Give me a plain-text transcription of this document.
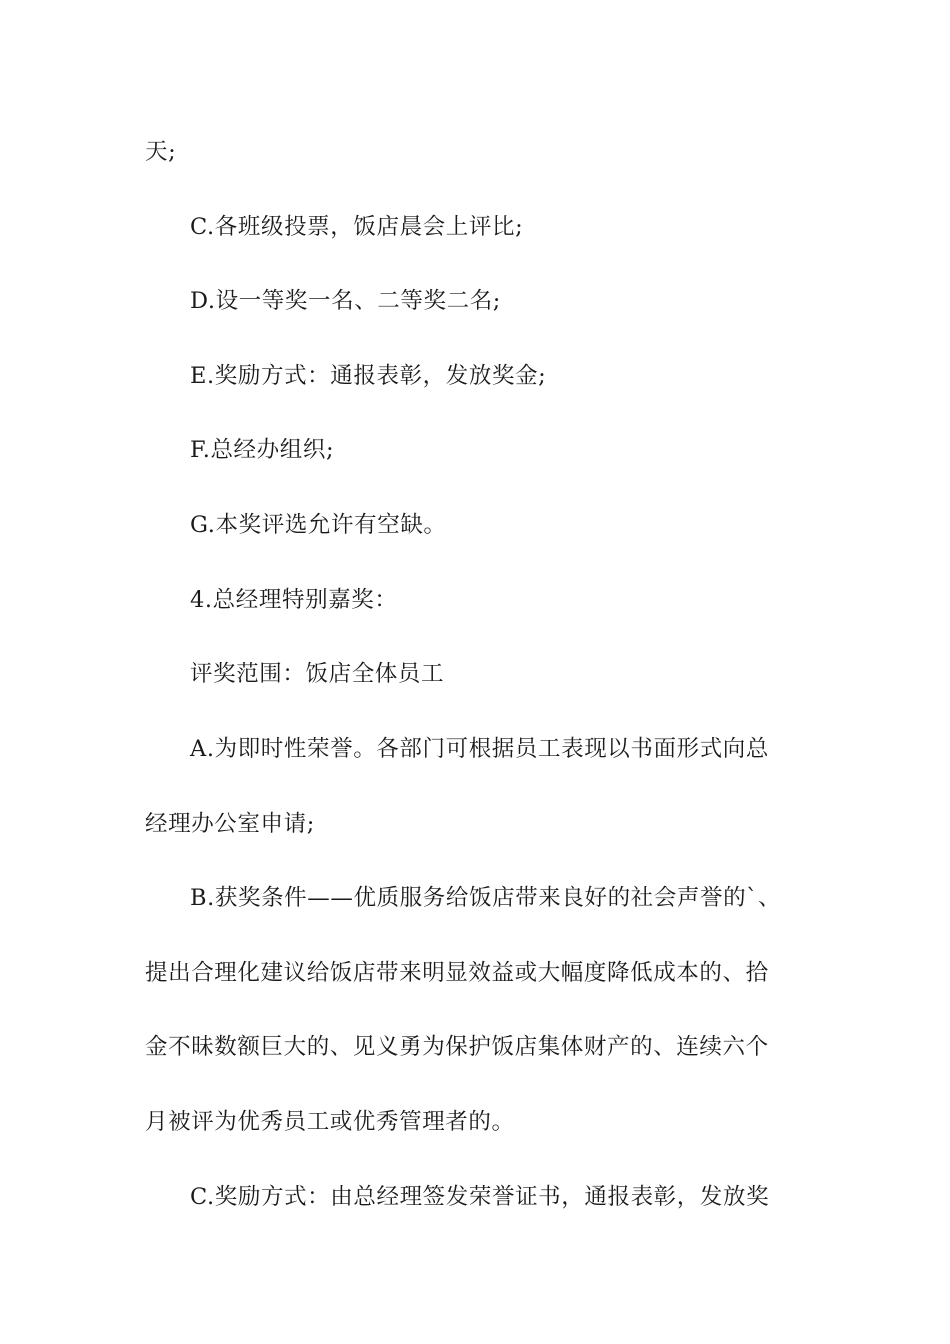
天;
C.各班级投票，饭店晨会上评比;
D.设一等奖一名、二等奖二名;
E.奖励方式：通报表彰，发放奖金;
F.总经办组织;
G.本奖评选允许有空缺。
4.总经理特别嘉奖：
评奖范围：饭店全体员工
A.为即时性荣誉。各部门可根据员工表现以书面形式向总
经理办公室申请;
B.获奖条件——优质服务给饭店带来良好的社会声誉的`、
提出合理化建议给饭店带来明显效益或大幅度降低成本的、拾
金不昧数额巨大的、见义勇为保护饭店集体财产的、连续六个
月被评为优秀员工或优秀管理者的。
C.奖励方式：由总经理签发荣誉证书，通报表彰，发放奖
